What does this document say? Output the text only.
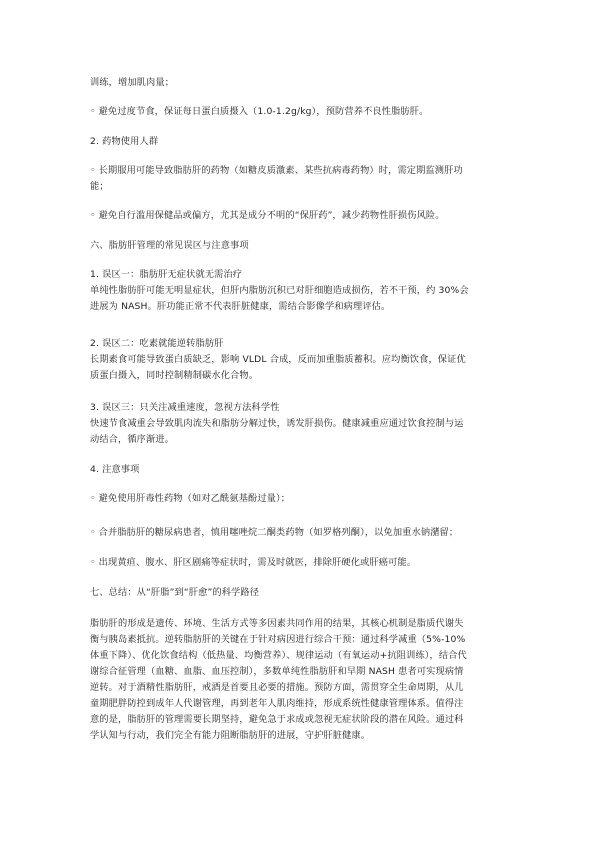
训练，增加肌肉量；

◦ 避免过度节食，保证每日蛋白质摄入（1.0-1.2g/kg），预防营养不良性脂肪肝。

2. 药物使用人群

◦ 长期服用可能导致脂肪肝的药物（如糖皮质激素、某些抗病毒药物）时，需定期监测肝功
能；

◦ 避免自行滥用保健品或偏方，尤其是成分不明的“保肝药”，减少药物性肝损伤风险。

六、脂肪肝管理的常见误区与注意事项

1. 误区一：脂肪肝无症状就无需治疗
单纯性脂肪肝可能无明显症状，但肝内脂肪沉积已对肝细胞造成损伤，若不干预，约 30%会
进展为 NASH。肝功能正常不代表肝脏健康，需结合影像学和病理评估。

2. 误区二：吃素就能逆转脂肪肝
长期素食可能导致蛋白质缺乏，影响 VLDL 合成，反而加重脂质蓄积。应均衡饮食，保证优
质蛋白摄入，同时控制精制碳水化合物。

3. 误区三：只关注减重速度，忽视方法科学性
快速节食减重会导致肌肉流失和脂肪分解过快，诱发肝损伤。健康减重应通过饮食控制与运
动结合，循序渐进。

4. 注意事项

◦ 避免使用肝毒性药物（如对乙酰氨基酚过量）；

◦ 合并脂肪肝的糖尿病患者，慎用噻唑烷二酮类药物（如罗格列酮），以免加重水钠潴留；

◦ 出现黄疸、腹水、肝区剧痛等症状时，需及时就医，排除肝硬化或肝癌可能。

七、总结：从“肝脂”到“肝愈”的科学路径

脂肪肝的形成是遗传、环境、生活方式等多因素共同作用的结果，其核心机制是脂质代谢失
衡与胰岛素抵抗。逆转脂肪肝的关键在于针对病因进行综合干预：通过科学减重（5%-10%
体重下降）、优化饮食结构（低热量、均衡营养）、规律运动（有氧运动+抗阻训练），结合代
谢综合征管理（血糖、血脂、血压控制），多数单纯性脂肪肝和早期 NASH 患者可实现病情
逆转。对于酒精性脂肪肝，戒酒是首要且必要的措施。预防方面，需贯穿全生命周期，从儿
童期肥胖防控到成年人代谢管理，再到老年人肌肉维持，形成系统性健康管理体系。值得注
意的是，脂肪肝的管理需要长期坚持，避免急于求成或忽视无症状阶段的潜在风险。通过科
学认知与行动，我们完全有能力阻断脂肪肝的进展，守护肝脏健康。
